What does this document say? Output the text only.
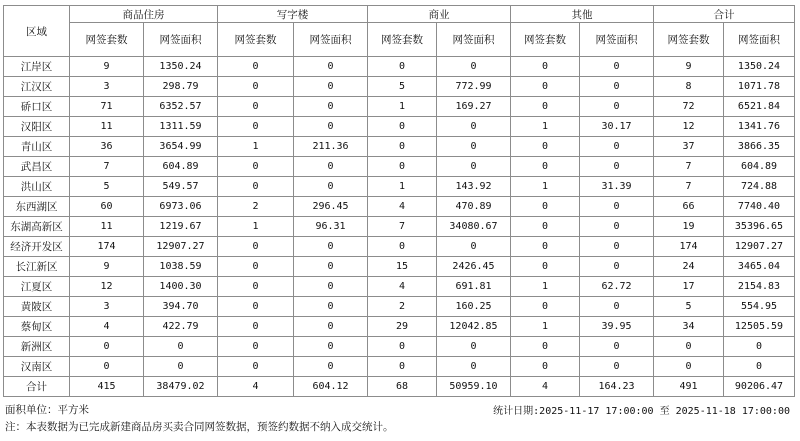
区域	商品住房		写字楼		商业		其他		合计	
	网签套数	网签面积	网签套数	网签面积	网签套数	网签面积	网签套数	网签面积	网签套数	网签面积
江岸区	9	1350.24	0	0	0	0	0	0	9	1350.24
江汉区	3	298.79	0	0	5	772.99	0	0	8	1071.78
硚口区	71	6352.57	0	0	1	169.27	0	0	72	6521.84
汉阳区	11	1311.59	0	0	0	0	1	30.17	12	1341.76
青山区	36	3654.99	1	211.36	0	0	0	0	37	3866.35
武昌区	7	604.89	0	0	0	0	0	0	7	604.89
洪山区	5	549.57	0	0	1	143.92	1	31.39	7	724.88
东西湖区	60	6973.06	2	296.45	4	470.89	0	0	66	7740.40
东湖高新区	11	1219.67	1	96.31	7	34080.67	0	0	19	35396.65
经济开发区	174	12907.27	0	0	0	0	0	0	174	12907.27
长江新区	9	1038.59	0	0	15	2426.45	0	0	24	3465.04
江夏区	12	1400.30	0	0	4	691.81	1	62.72	17	2154.83
黄陂区	3	394.70	0	0	2	160.25	0	0	5	554.95
蔡甸区	4	422.79	0	0	29	12042.85	1	39.95	34	12505.59
新洲区	0	0	0	0	0	0	0	0	0	0
汉南区	0	0	0	0	0	0	0	0	0	0
合计	415	38479.02	4	604.12	68	50959.10	4	164.23	491	90206.47
面积单位：平方米	统计日期:2025-11-17 17:00:00 至 2025-11-18 17:00:00
注：本表数据为已完成新建商品房买卖合同网签数据，预签约数据不纳入成交统计。
